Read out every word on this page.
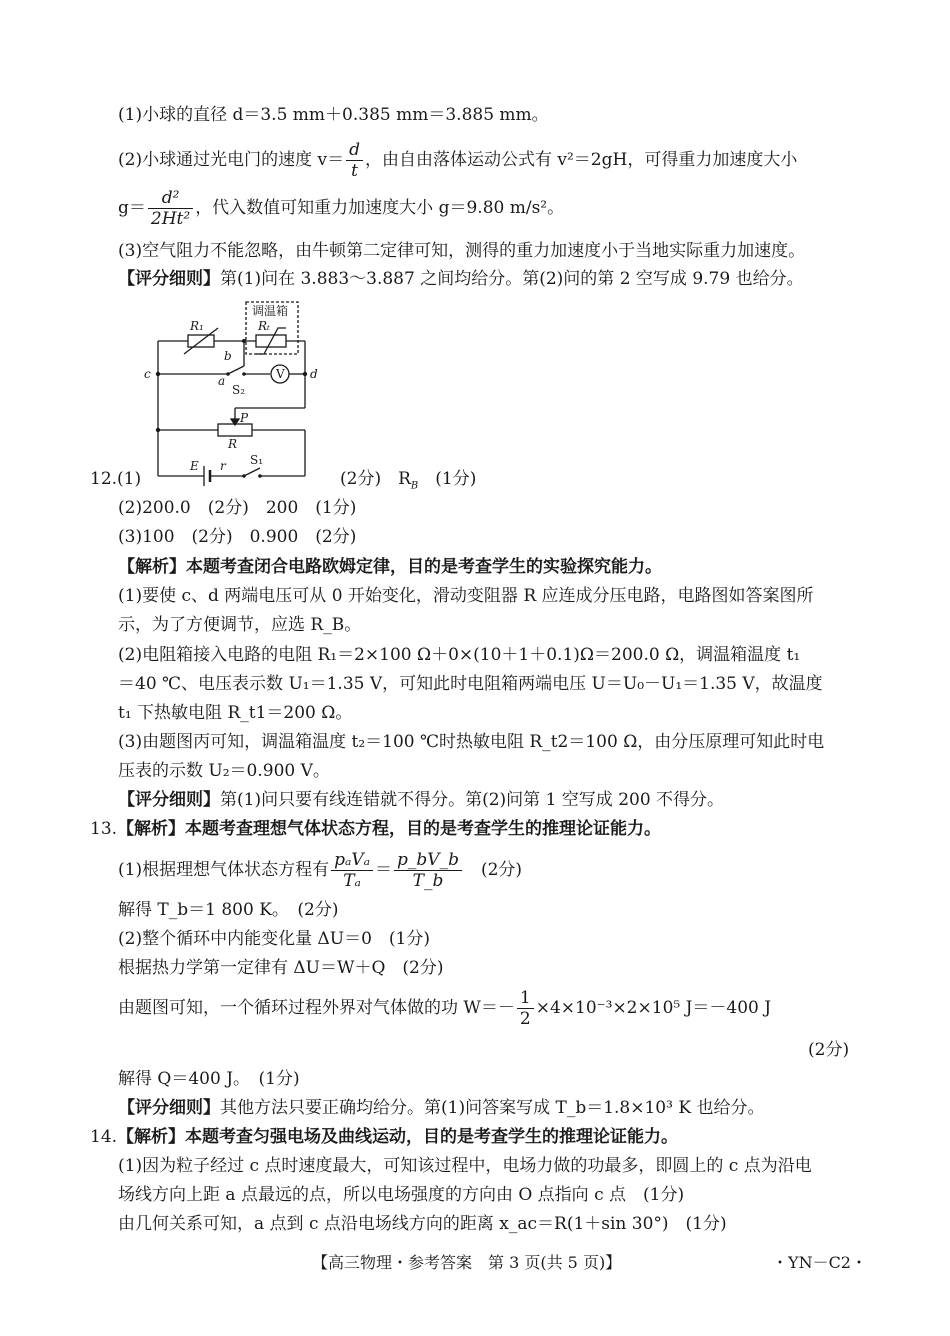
(1)小球的直径 d＝3.5 mm＋0.385 mm＝3.885 mm。
(2)小球通过光电门的速度 $v= \frac{d}{t}$ ，由自由落体运动公式有 v²＝2gH，可得重力加速度大小
$g= \frac{\text{d²}}{\text{2Ht²}}$ ，代入数值可知重力加速度大小 g＝9.80 m/s²。
(3)空气阻力不能忽略，由牛顿第二定律可知，测得的重力加速度小于当地实际重力加速度。
【评分细则】第(1)问在 3.883～3.887 之间均给分。第(2)问的第 2 空写成 9.79 也给分。
调温箱
R₁	Rₜ
b
a
c	d
S₂
V
P
R
E r S₁
12.(1)	(2分)　$R_B$　(1分)
(2)200.0　(2分)　200　(1分)
(3)100　(2分)　0.900　(2分)
【解析】本题考查闭合电路欧姆定律，目的是考查学生的实验探究能力。
(1)要使 c、d 两端电压可从 0 开始变化，滑动变阻器 R 应连成分压电路，电路图如答案图所
示，为了方便调节，应选 R_B。
(2)电阻箱接入电路的电阻 R₁＝2×100 Ω＋0×(10＋1＋0.1)Ω＝200.0 Ω，调温箱温度 t₁
＝40 ℃、电压表示数 U₁＝1.35 V，可知此时电阻箱两端电压 U＝U₀－U₁＝1.35 V，故温度
t₁ 下热敏电阻 R_t1＝200 Ω。
(3)由题图丙可知，调温箱温度 t₂＝100 ℃时热敏电阻 R_t2＝100 Ω，由分压原理可知此时电
压表的示数 U₂＝0.900 V。
【评分细则】第(1)问只要有线连错就不得分。第(2)问第 1 空写成 200 不得分。
13.【解析】本题考查理想气体状态方程，目的是考查学生的推理论证能力。
(1)根据理想气体状态方程有 $\frac{\text{pₐVₐ}}{\text{Tₐ}} = \frac{p\_bV\_b}{T\_b}$ 　(2分)
解得 T_b＝1 800 K。　(2分)
(2)整个循环中内能变化量 ΔU＝0　(1分)
根据热力学第一定律有 ΔU＝W＋Q　(2分)
由题图可知，一个循环过程外界对气体做的功 $W=- \frac{1}{2} \times 4\times 10^{-3}\times 2\times 10^5$ J＝－400 J
(2分)
解得 Q＝400 J。　(1分)
【评分细则】其他方法只要正确均给分。第(1)问答案写成 T_b＝1.8×10³ K 也给分。
14.【解析】本题考查匀强电场及曲线运动，目的是考查学生的推理论证能力。
(1)因为粒子经过 c 点时速度最大，可知该过程中，电场力做的功最多，即圆上的 c 点为沿电
场线方向上距 a 点最远的点，所以电场强度的方向由 O 点指向 c 点　(1分)
由几何关系可知，a 点到 c 点沿电场线方向的距离 x_ac＝R(1＋sin 30°)　(1分)
【高三物理・参考答案　第 3 页(共 5 页)】	・YN－C2・
